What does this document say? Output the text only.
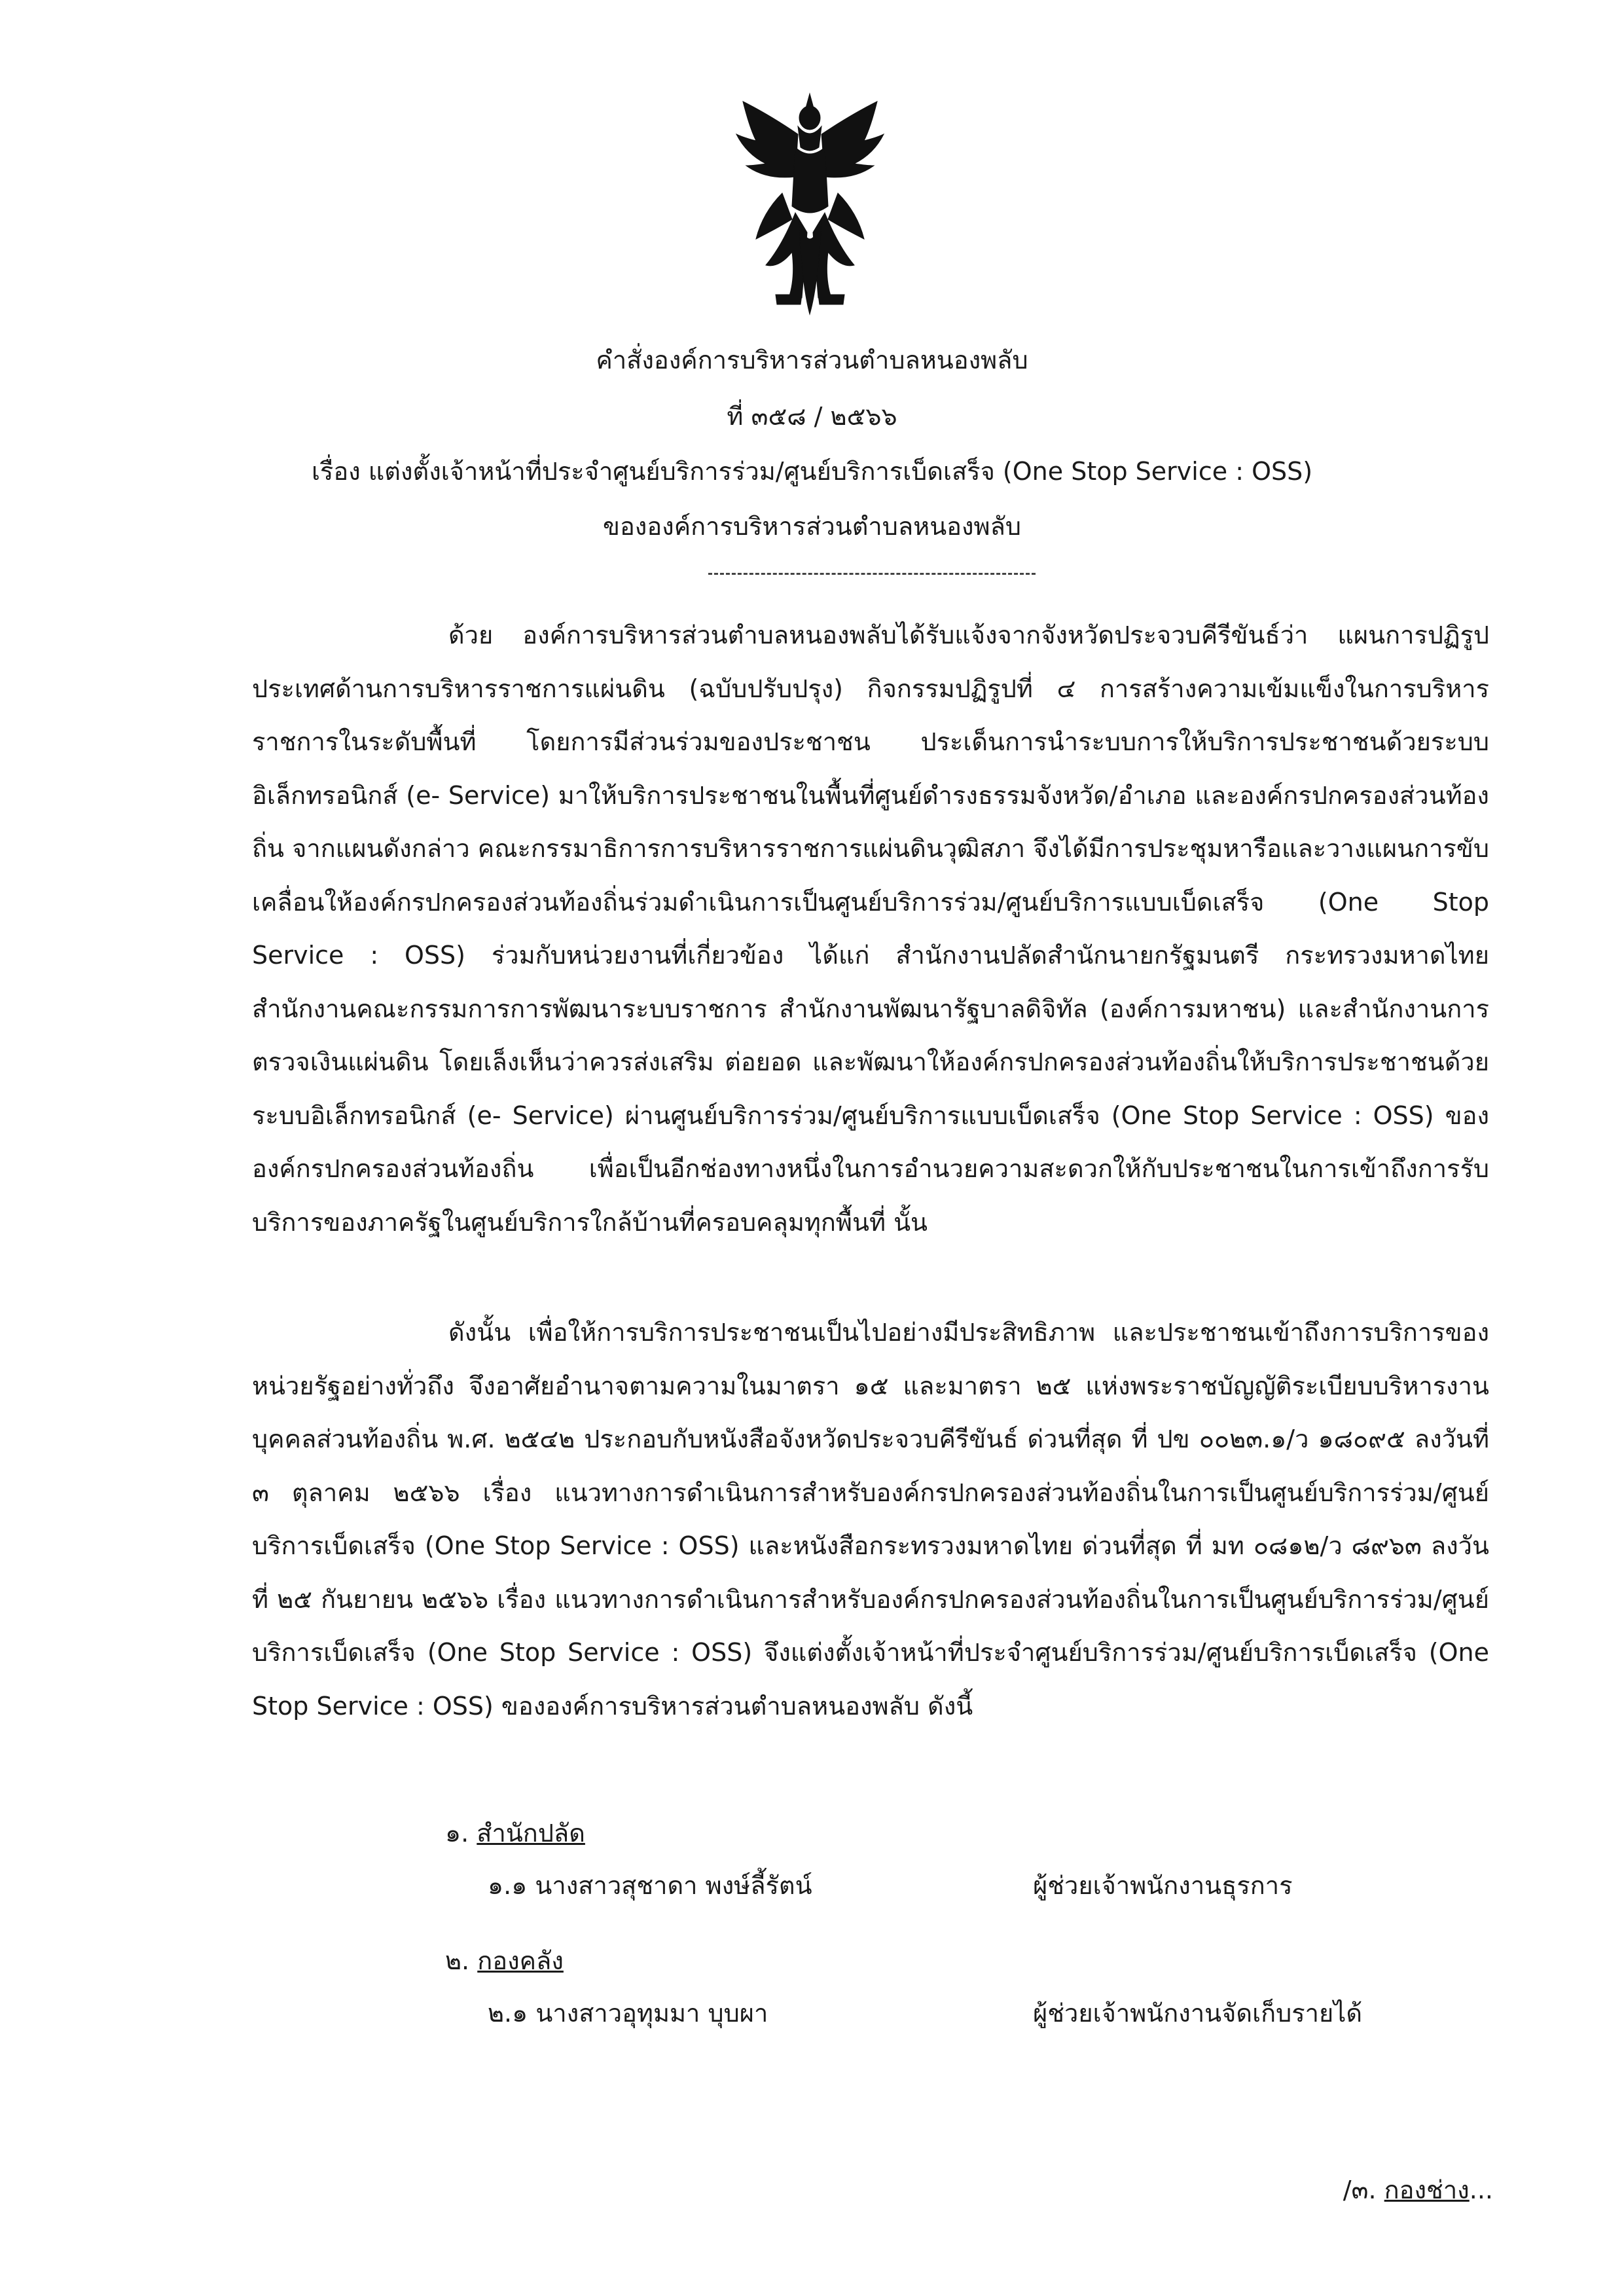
คำสั่งองค์การบริหารส่วนตำบลหนองพลับ
ที่ ๓๕๘ / ๒๕๖๖
เรื่อง แต่งตั้งเจ้าหน้าที่ประจำศูนย์บริการร่วม/ศูนย์บริการเบ็ดเสร็จ (One Stop Service : OSS)
ขององค์การบริหารส่วนตำบลหนองพลับ

ด้วย องค์การบริหารส่วนตำบลหนองพลับได้รับแจ้งจากจังหวัดประจวบคีรีขันธ์ว่า แผนการปฏิรูปประเทศด้านการบริหารราชการแผ่นดิน (ฉบับปรับปรุง) กิจกรรมปฏิรูปที่ ๔ การสร้างความเข้มแข็งในการบริหารราชการในระดับพื้นที่ โดยการมีส่วนร่วมของประชาชน ประเด็นการนำระบบการให้บริการประชาชนด้วยระบบอิเล็กทรอนิกส์ (e- Service) มาให้บริการประชาชนในพื้นที่ศูนย์ดำรงธรรมจังหวัด/อำเภอ และองค์กรปกครองส่วนท้องถิ่น จากแผนดังกล่าว คณะกรรมาธิการการบริหารราชการแผ่นดินวุฒิสภา จึงได้มีการประชุมหารือและวางแผนการขับเคลื่อนให้องค์กรปกครองส่วนท้องถิ่นร่วมดำเนินการเป็นศูนย์บริการร่วม/ศูนย์บริการแบบเบ็ดเสร็จ (One Stop Service : OSS) ร่วมกับหน่วยงานที่เกี่ยวข้อง ได้แก่ สำนักงานปลัดสำนักนายกรัฐมนตรี กระทรวงมหาดไทย สำนักงานคณะกรรมการการพัฒนาระบบราชการ สำนักงานพัฒนารัฐบาลดิจิทัล (องค์การมหาชน) และสำนักงานการตรวจเงินแผ่นดิน โดยเล็งเห็นว่าควรส่งเสริม ต่อยอด และพัฒนาให้องค์กรปกครองส่วนท้องถิ่นให้บริการประชาชนด้วยระบบอิเล็กทรอนิกส์ (e- Service) ผ่านศูนย์บริการร่วม/ศูนย์บริการแบบเบ็ดเสร็จ (One Stop Service : OSS) ขององค์กรปกครองส่วนท้องถิ่น เพื่อเป็นอีกช่องทางหนึ่งในการอำนวยความสะดวกให้กับประชาชนในการเข้าถึงการรับบริการของภาครัฐในศูนย์บริการใกล้บ้านที่ครอบคลุมทุกพื้นที่ นั้น

ดังนั้น เพื่อให้การบริการประชาชนเป็นไปอย่างมีประสิทธิภาพ และประชาชนเข้าถึงการบริการของหน่วยรัฐอย่างทั่วถึง จึงอาศัยอำนาจตามความในมาตรา ๑๕ และมาตรา ๒๕ แห่งพระราชบัญญัติระเบียบบริหารงานบุคคลส่วนท้องถิ่น พ.ศ. ๒๕๔๒ ประกอบกับหนังสือจังหวัดประจวบคีรีขันธ์ ด่วนที่สุด ที่ ปข ๐๐๒๓.๑/ว ๑๘๐๙๕ ลงวันที่ ๓ ตุลาคม ๒๕๖๖ เรื่อง แนวทางการดำเนินการสำหรับองค์กรปกครองส่วนท้องถิ่นในการเป็นศูนย์บริการร่วม/ศูนย์บริการเบ็ดเสร็จ (One Stop Service : OSS) และหนังสือกระทรวงมหาดไทย ด่วนที่สุด ที่ มท ๐๘๑๒/ว ๘๙๖๓ ลงวันที่ ๒๕ กันยายน ๒๕๖๖ เรื่อง แนวทางการดำเนินการสำหรับองค์กรปกครองส่วนท้องถิ่นในการเป็นศูนย์บริการร่วม/ศูนย์บริการเบ็ดเสร็จ (One Stop Service : OSS) จึงแต่งตั้งเจ้าหน้าที่ประจำศูนย์บริการร่วม/ศูนย์บริการเบ็ดเสร็จ (One Stop Service : OSS) ขององค์การบริหารส่วนตำบลหนองพลับ ดังนี้

๑. สำนักปลัด
๑.๑ นางสาวสุชาดา พงษ์ลี้รัตน์	ผู้ช่วยเจ้าพนักงานธุรการ
๒. กองคลัง
๒.๑ นางสาวอุทุมมา บุบผา	ผู้ช่วยเจ้าพนักงานจัดเก็บรายได้
/๓. กองช่าง...
